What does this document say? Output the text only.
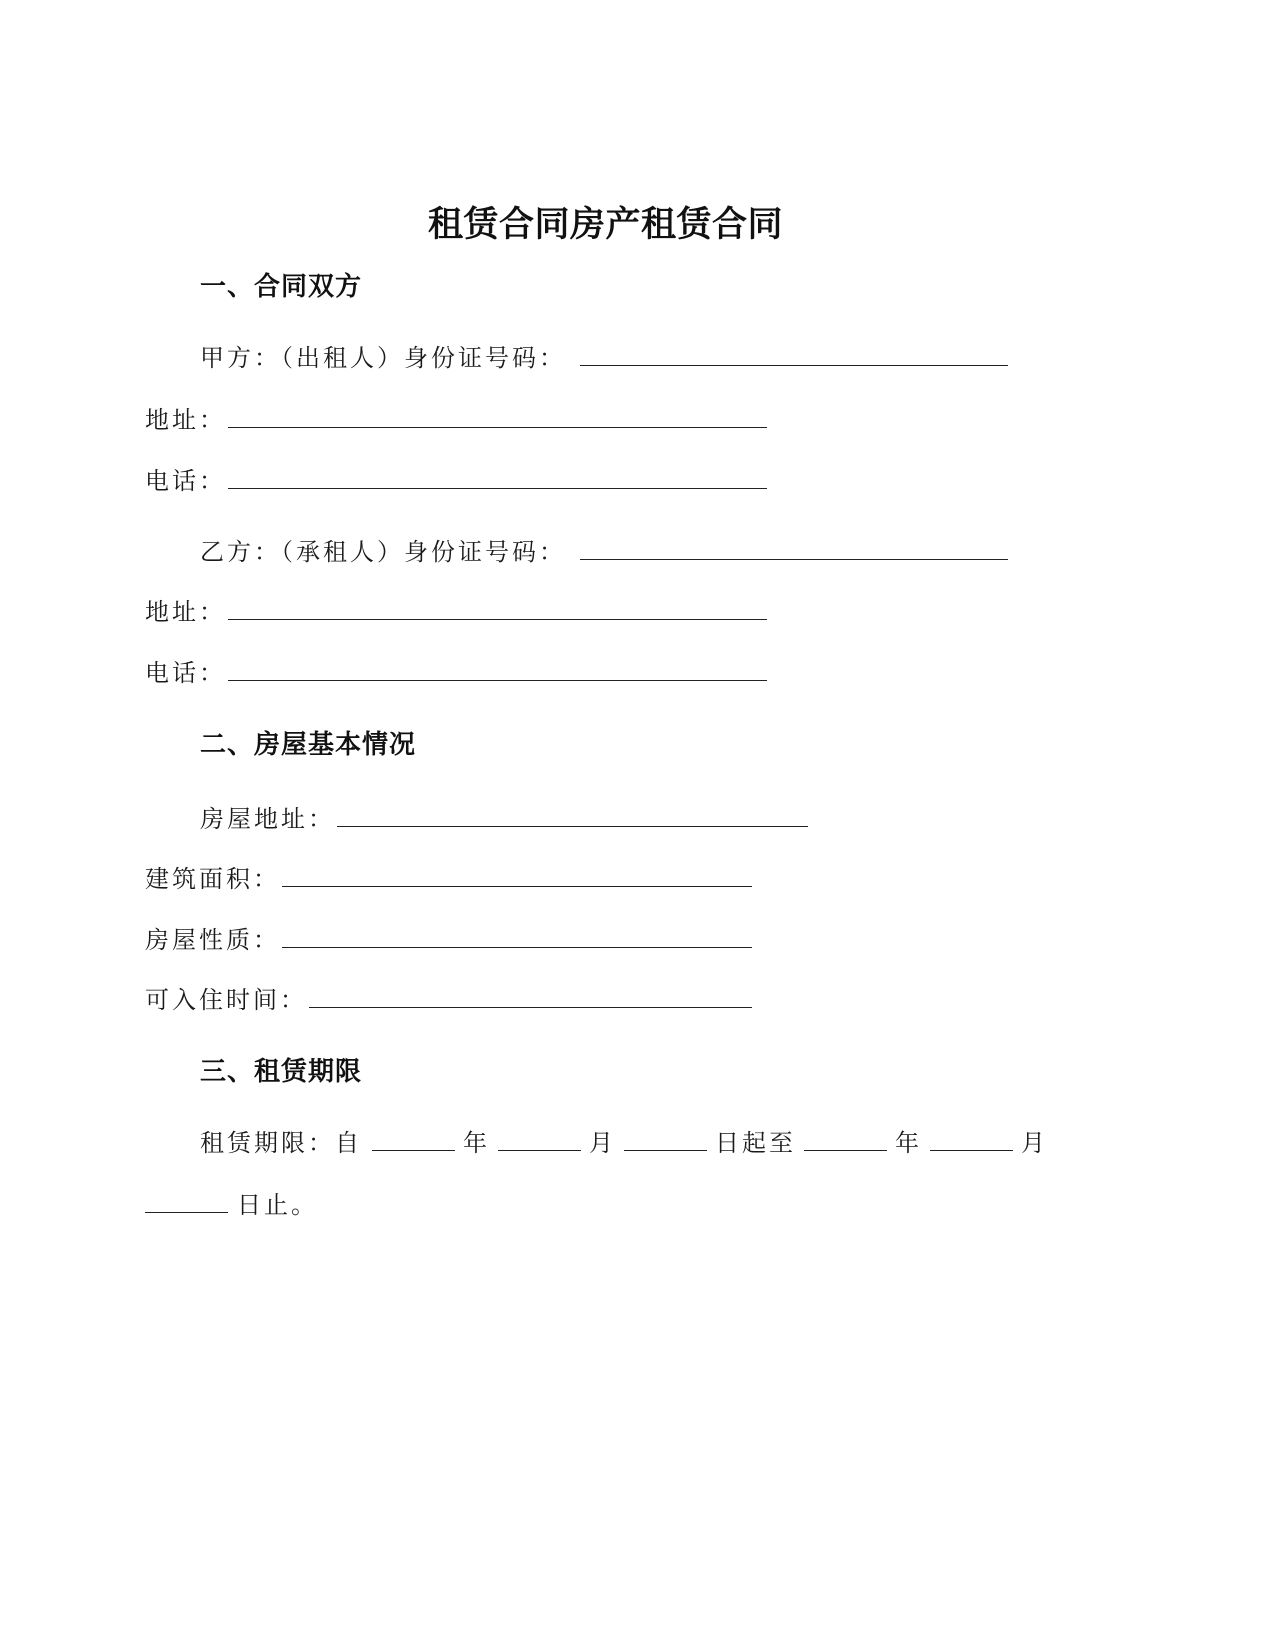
租赁合同房产租赁合同
一、合同双方
甲方：（出租人）身份证号码：
地址：
电话：
乙方：（承租人）身份证号码：
地址：
电话：
二、房屋基本情况
房屋地址：
建筑面积：
房屋性质：
可入住时间：
三、租赁期限
租赁期限：自	年	月	日起至	年	月
日止。
